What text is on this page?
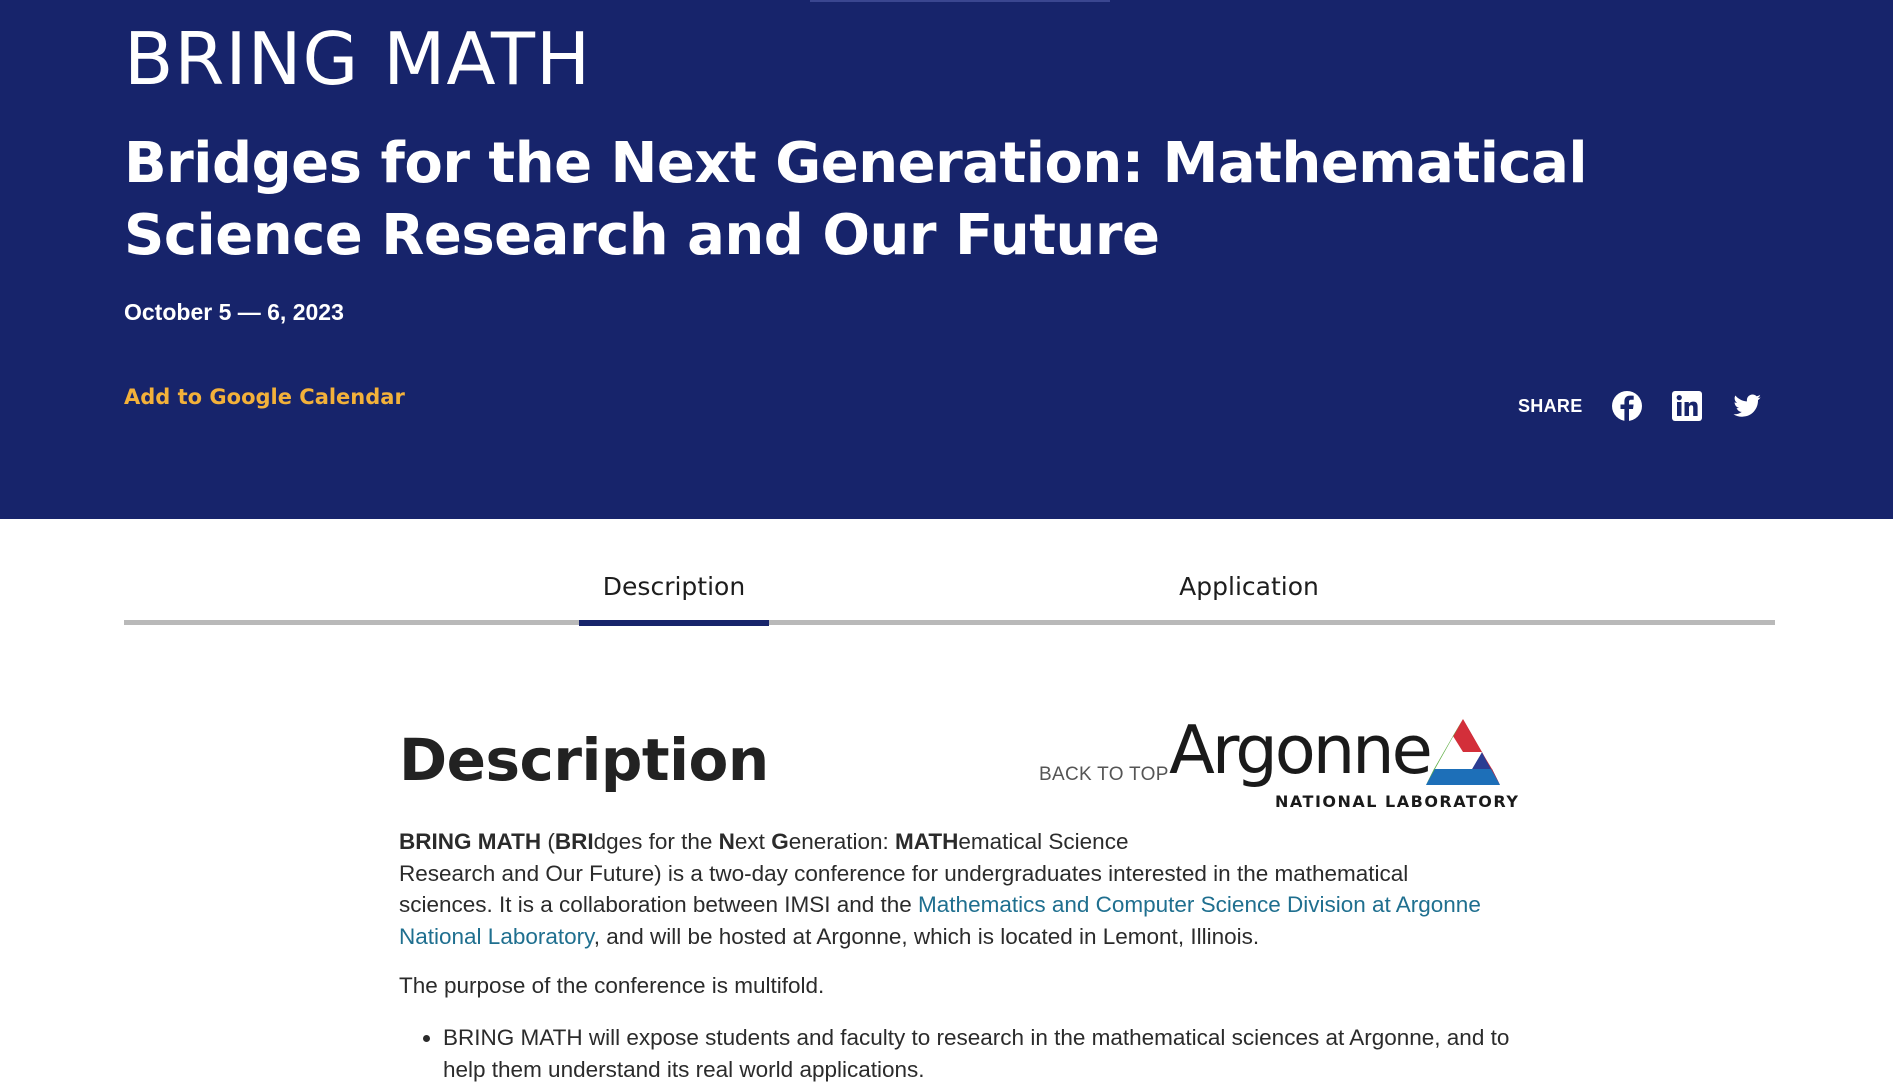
BRING MATH
Bridges for the Next Generation: Mathematical Science Research and Our Future
October 5 — 6, 2023
Add to Google Calendar	SHARE
Description	Application
Description	BACK TO TOP Argonne
NATIONAL LABORATORY

BRING MATH (BRIdges for the Next Generation: MATHematical Science
Research and Our Future) is a two-day conference for undergraduates interested in the mathematical sciences. It is a collaboration between IMSI and the Mathematics and Computer Science Division at Argonne National Laboratory, and will be hosted at Argonne, which is located in Lemont, Illinois.

The purpose of the conference is multifold.

• BRING MATH will expose students and faculty to research in the mathematical sciences at Argonne, and to help them understand its real world applications.
